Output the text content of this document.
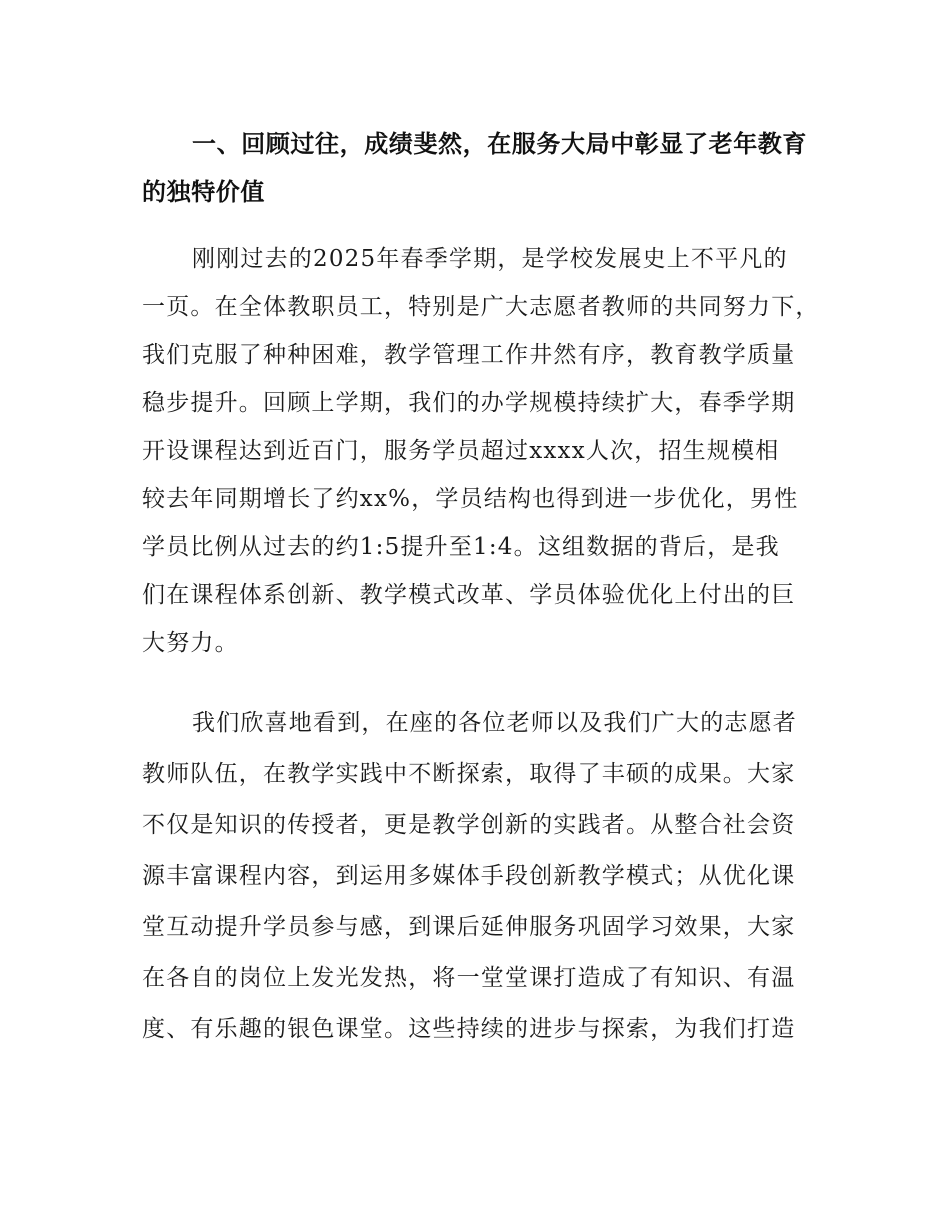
一、回顾过往，成绩斐然，在服务大局中彰显了老年教育
的独特价值
刚刚过去的2025年春季学期，是学校发展史上不平凡的
一页。在全体教职员工，特别是广大志愿者教师的共同努力下，
我们克服了种种困难，教学管理工作井然有序，教育教学质量
稳步提升。回顾上学期，我们的办学规模持续扩大，春季学期
开设课程达到近百门，服务学员超过xxxx人次，招生规模相
较去年同期增长了约xx%，学员结构也得到进一步优化，男性
学员比例从过去的约1:5提升至1:4。这组数据的背后，是我
们在课程体系创新、教学模式改革、学员体验优化上付出的巨
大努力。
我们欣喜地看到，在座的各位老师以及我们广大的志愿者
教师队伍，在教学实践中不断探索，取得了丰硕的成果。大家
不仅是知识的传授者，更是教学创新的实践者。从整合社会资
源丰富课程内容，到运用多媒体手段创新教学模式；从优化课
堂互动提升学员参与感，到课后延伸服务巩固学习效果，大家
在各自的岗位上发光发热，将一堂堂课打造成了有知识、有温
度、有乐趣的银色课堂。这些持续的进步与探索，为我们打造
